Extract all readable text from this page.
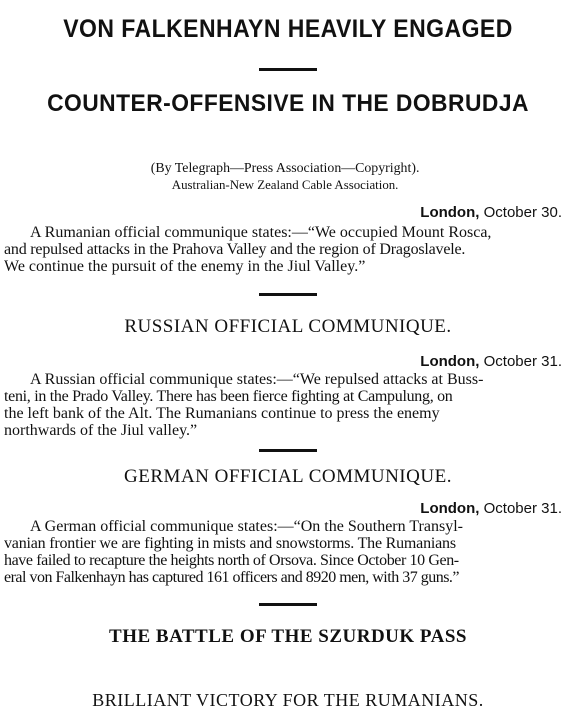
VON FALKENHAYN HEAVILY ENGAGED
COUNTER-OFFENSIVE IN THE DOBRUDJA

(By Telegraph—Press Association—Copyright).

Australian-New Zealand Cable Association.

London, October 30.

A Rumanian official communique states:—“We occupied Mount Rosca,

and repulsed attacks in the Prahova Valley and the region of Dragoslavele.

We continue the pursuit of the enemy in the Jiul Valley.”

RUSSIAN OFFICIAL COMMUNIQUE.

London, October 31.

A Russian official communique states:—“We repulsed attacks at Buss-

teni, in the Prado Valley. There has been fierce fighting at Campulung, on

the left bank of the Alt. The Rumanians continue to press the enemy

northwards of the Jiul valley.”

GERMAN OFFICIAL COMMUNIQUE.

London, October 31.

A German official communique states:—“On the Southern Transyl-

vanian frontier we are fighting in mists and snowstorms. The Rumanians

have failed to recapture the heights north of Orsova. Since October 10 Gen-

eral von Falkenhayn has captured 161 officers and 8920 men, with 37 guns.”

THE BATTLE OF THE SZURDUK PASS
BRILLIANT VICTORY FOR THE RUMANIANS.
